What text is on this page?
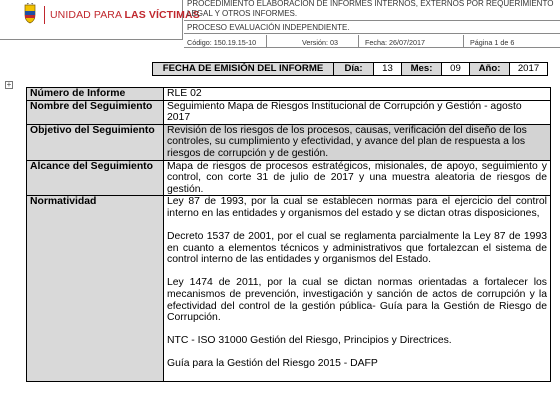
UNIDAD PARA LAS VÍCTIMAS
PROCEDIMIENTO ELABORACIÓN DE INFORMES INTERNOS, EXTERNOS POR REQUERIMIENTO LEGAL Y OTROS INFORMES.
PROCESO EVALUACIÓN INDEPENDIENTE.
Código: 150.19.15-10	Versión: 03	Fecha: 26/07/2017	Página 1 de 6
FECHA DE EMISIÓN DEL INFORME	Día:	13	Mes:	09	Año:	2017
+
Número de Informe	RLE 02
Nombre del Seguimiento	Seguimiento Mapa de Riesgos Institucional de Corrupción y Gestión - agosto 2017
Objetivo del Seguimiento	Revisión de los riesgos de los procesos, causas, verificación del diseño de los controles, su cumplimiento y efectividad, y avance del plan de respuesta a los riesgos de corrupción y de gestión.
Alcance del Seguimiento	Mapa de riesgos de procesos estratégicos, misionales, de apoyo, seguimiento y control, con corte 31 de julio de 2017 y una muestra aleatoria de riesgos de gestión.
Normatividad	Ley 87 de 1993, por la cual se establecen normas para el ejercicio del control interno en las entidades y organismos del estado y se dictan otras disposiciones,
Decreto 1537 de 2001, por el cual se reglamenta parcialmente la Ley 87 de 1993 en cuanto a elementos técnicos y administrativos que fortalezcan el sistema de control interno de las entidades y organismos del Estado.
Ley 1474 de 2011, por la cual se dictan normas orientadas a fortalecer los mecanismos de prevención, investigación y sanción de actos de corrupción y la efectividad del control de la gestión pública- Guía para la Gestión de Riesgo de Corrupción.
NTC - ISO 31000 Gestión del Riesgo, Principios y Directrices.
Guía para la Gestión del Riesgo 2015 - DAFP
